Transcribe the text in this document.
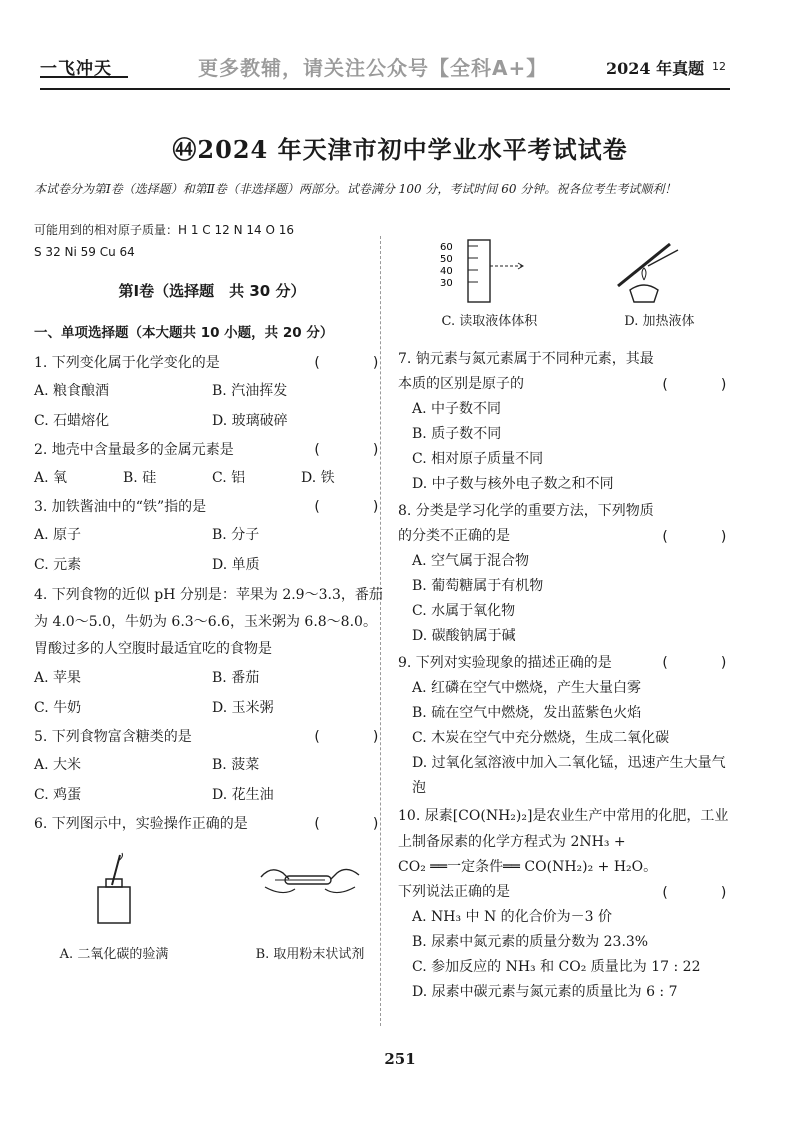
一飞冲天	更多教辅，请关注公众号【全科A+】	2024 年真题 12
㊹2024 年天津市初中学业水平考试试卷
本试卷分为第Ⅰ卷（选择题）和第Ⅱ卷（非选择题）两部分。试卷满分 100 分，考试时间 60 分钟。祝各位考生考试顺利！
可能用到的相对原子质量：H 1 C 12 N 14 O 16
S 32 Ni 59 Cu 64
第Ⅰ卷（选择题　共 30 分）
一、单项选择题（本大题共 10 小题，共 20 分）
1. 下列变化属于化学变化的是	(      )
A. 粮食酿酒	B. 汽油挥发
C. 石蜡熔化	D. 玻璃破碎
2. 地壳中含量最多的金属元素是	(      )
A. 氧	B. 硅	C. 铝	D. 铁
3. 加铁酱油中的“铁”指的是	(      )
A. 原子	B. 分子
C. 元素	D. 单质
4. 下列食物的近似 pH 分别是：苹果为 2.9～3.3，番茄为 4.0～5.0，牛奶为 6.3～6.6，玉米粥为 6.8～8.0。胃酸过多的人空腹时最适宜吃的食物是
A. 苹果	B. 番茄
C. 牛奶	D. 玉米粥
5. 下列食物富含糖类的是	(      )
A. 大米	B. 菠菜
C. 鸡蛋	D. 花生油
6. 下列图示中，实验操作正确的是	(      )
A. 二氧化碳的验满	B. 取用粉末状试剂
60
50
40
30
C. 读取液体体积	D. 加热液体
7. 钠元素与氮元素属于不同种元素，其最本质的区别是原子的	(      )
A. 中子数不同
B. 质子数不同
C. 相对原子质量不同
D. 中子数与核外电子数之和不同
8. 分类是学习化学的重要方法，下列物质的分类不正确的是	(      )
A. 空气属于混合物
B. 葡萄糖属于有机物
C. 水属于氧化物
D. 碳酸钠属于碱
9. 下列对实验现象的描述正确的是	(      )
A. 红磷在空气中燃烧，产生大量白雾
B. 硫在空气中燃烧，发出蓝紫色火焰
C. 木炭在空气中充分燃烧，生成二氧化碳
D. 过氧化氢溶液中加入二氧化锰，迅速产生大量气泡
10. 尿素[CO(NH₂)₂]是农业生产中常用的化肥，工业上制备尿素的化学方程式为 2NH₃ +
CO₂ ══一定条件══ CO(NH₂)₂ + H₂O。下列说法正确的是	(      )
A. NH₃ 中 N 的化合价为－3 价
B. 尿素中氮元素的质量分数为 23.3%
C. 参加反应的 NH₃ 和 CO₂ 质量比为 17 : 22
D. 尿素中碳元素与氮元素的质量比为 6 : 7
251
